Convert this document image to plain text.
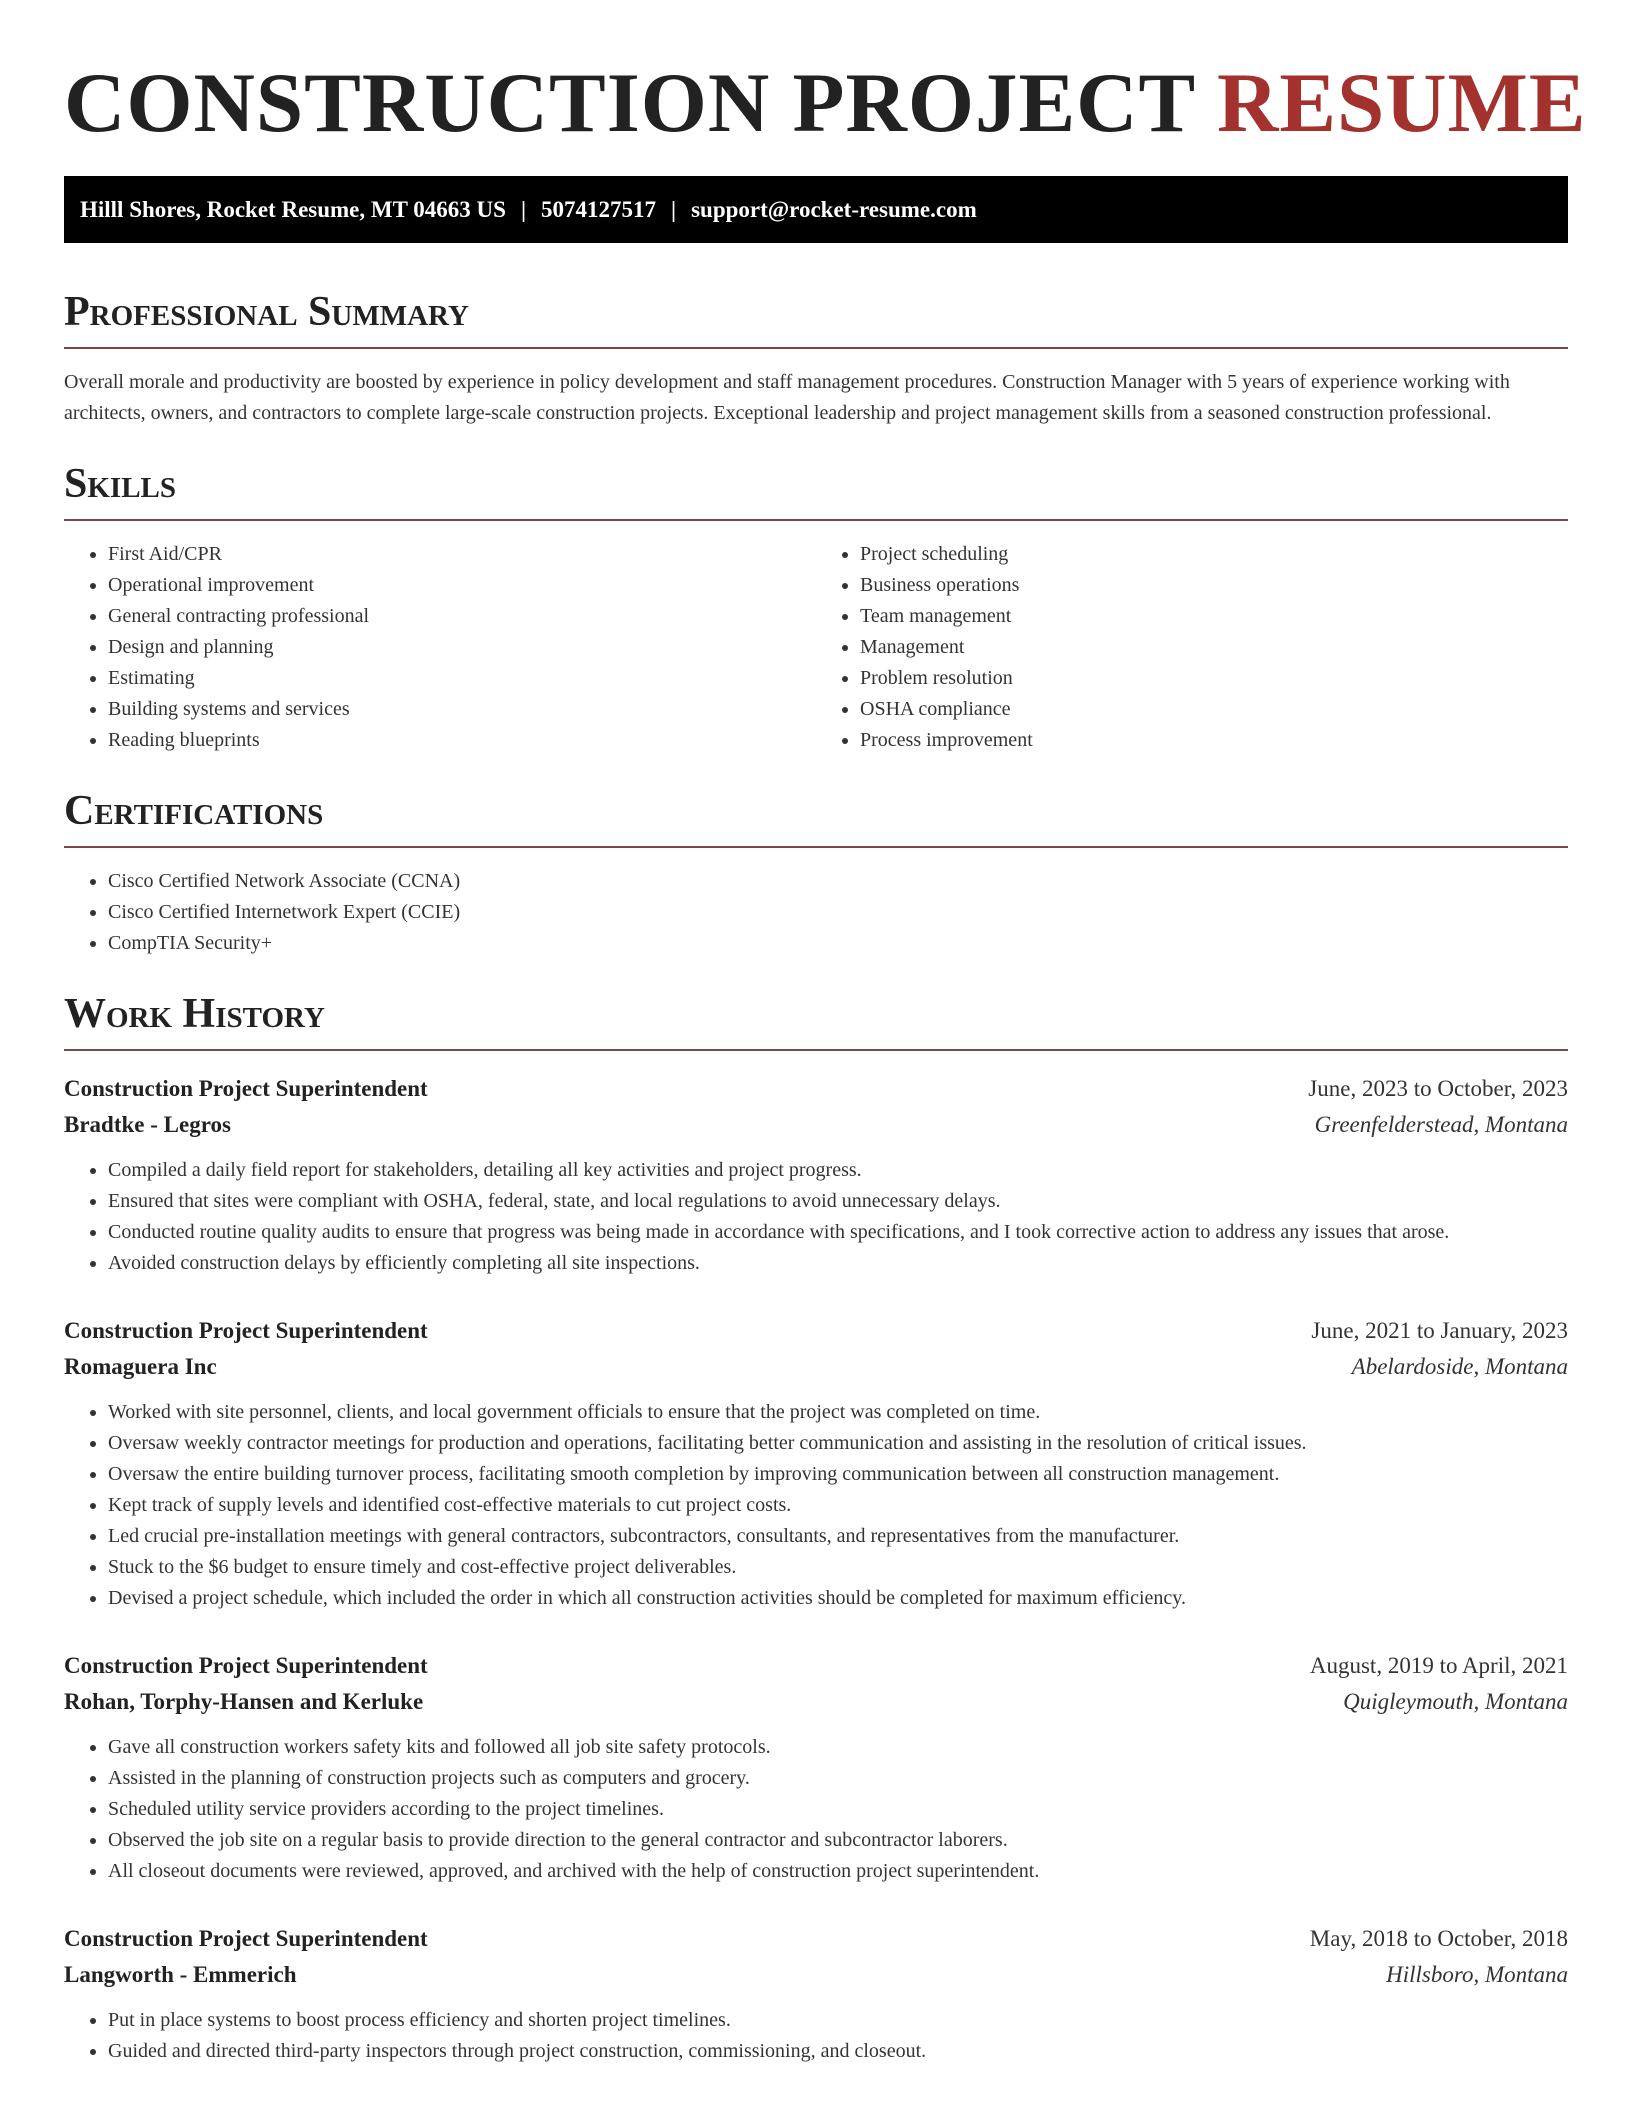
CONSTRUCTION PROJECT RESUME
Hilll Shores, Rocket Resume, MT 04663 US | 5074127517 | support@rocket-resume.com
Professional Summary

Overall morale and productivity are boosted by experience in policy development and staff management procedures. Construction Manager with 5 years of experience working with architects, owners, and contractors to complete large-scale construction projects. Exceptional leadership and project management skills from a seasoned construction professional.

Skills
• First Aid/CPR
• Operational improvement
• General contracting professional
• Design and planning
• Estimating
• Building systems and services
• Reading blueprints
• Project scheduling
• Business operations
• Team management
• Management
• Problem resolution
• OSHA compliance
• Process improvement
Certifications
• Cisco Certified Network Associate (CCNA)
• Cisco Certified Internetwork Expert (CCIE)
• CompTIA Security+
Work History
Construction Project Superintendent	June, 2023 to October, 2023
Bradtke - Legros	Greenfelderstead, Montana
• Compiled a daily field report for stakeholders, detailing all key activities and project progress.
• Ensured that sites were compliant with OSHA, federal, state, and local regulations to avoid unnecessary delays.
• Conducted routine quality audits to ensure that progress was being made in accordance with specifications, and I took corrective action to address any issues that arose.
• Avoided construction delays by efficiently completing all site inspections.
Construction Project Superintendent	June, 2021 to January, 2023
Romaguera Inc	Abelardoside, Montana
• Worked with site personnel, clients, and local government officials to ensure that the project was completed on time.
• Oversaw weekly contractor meetings for production and operations, facilitating better communication and assisting in the resolution of critical issues.
• Oversaw the entire building turnover process, facilitating smooth completion by improving communication between all construction management.
• Kept track of supply levels and identified cost-effective materials to cut project costs.
• Led crucial pre-installation meetings with general contractors, subcontractors, consultants, and representatives from the manufacturer.
• Stuck to the $6 budget to ensure timely and cost-effective project deliverables.
• Devised a project schedule, which included the order in which all construction activities should be completed for maximum efficiency.
Construction Project Superintendent	August, 2019 to April, 2021
Rohan, Torphy-Hansen and Kerluke	Quigleymouth, Montana
• Gave all construction workers safety kits and followed all job site safety protocols.
• Assisted in the planning of construction projects such as computers and grocery.
• Scheduled utility service providers according to the project timelines.
• Observed the job site on a regular basis to provide direction to the general contractor and subcontractor laborers.
• All closeout documents were reviewed, approved, and archived with the help of construction project superintendent.
Construction Project Superintendent	May, 2018 to October, 2018
Langworth - Emmerich	Hillsboro, Montana
• Put in place systems to boost process efficiency and shorten project timelines.
• Guided and directed third-party inspectors through project construction, commissioning, and closeout.
